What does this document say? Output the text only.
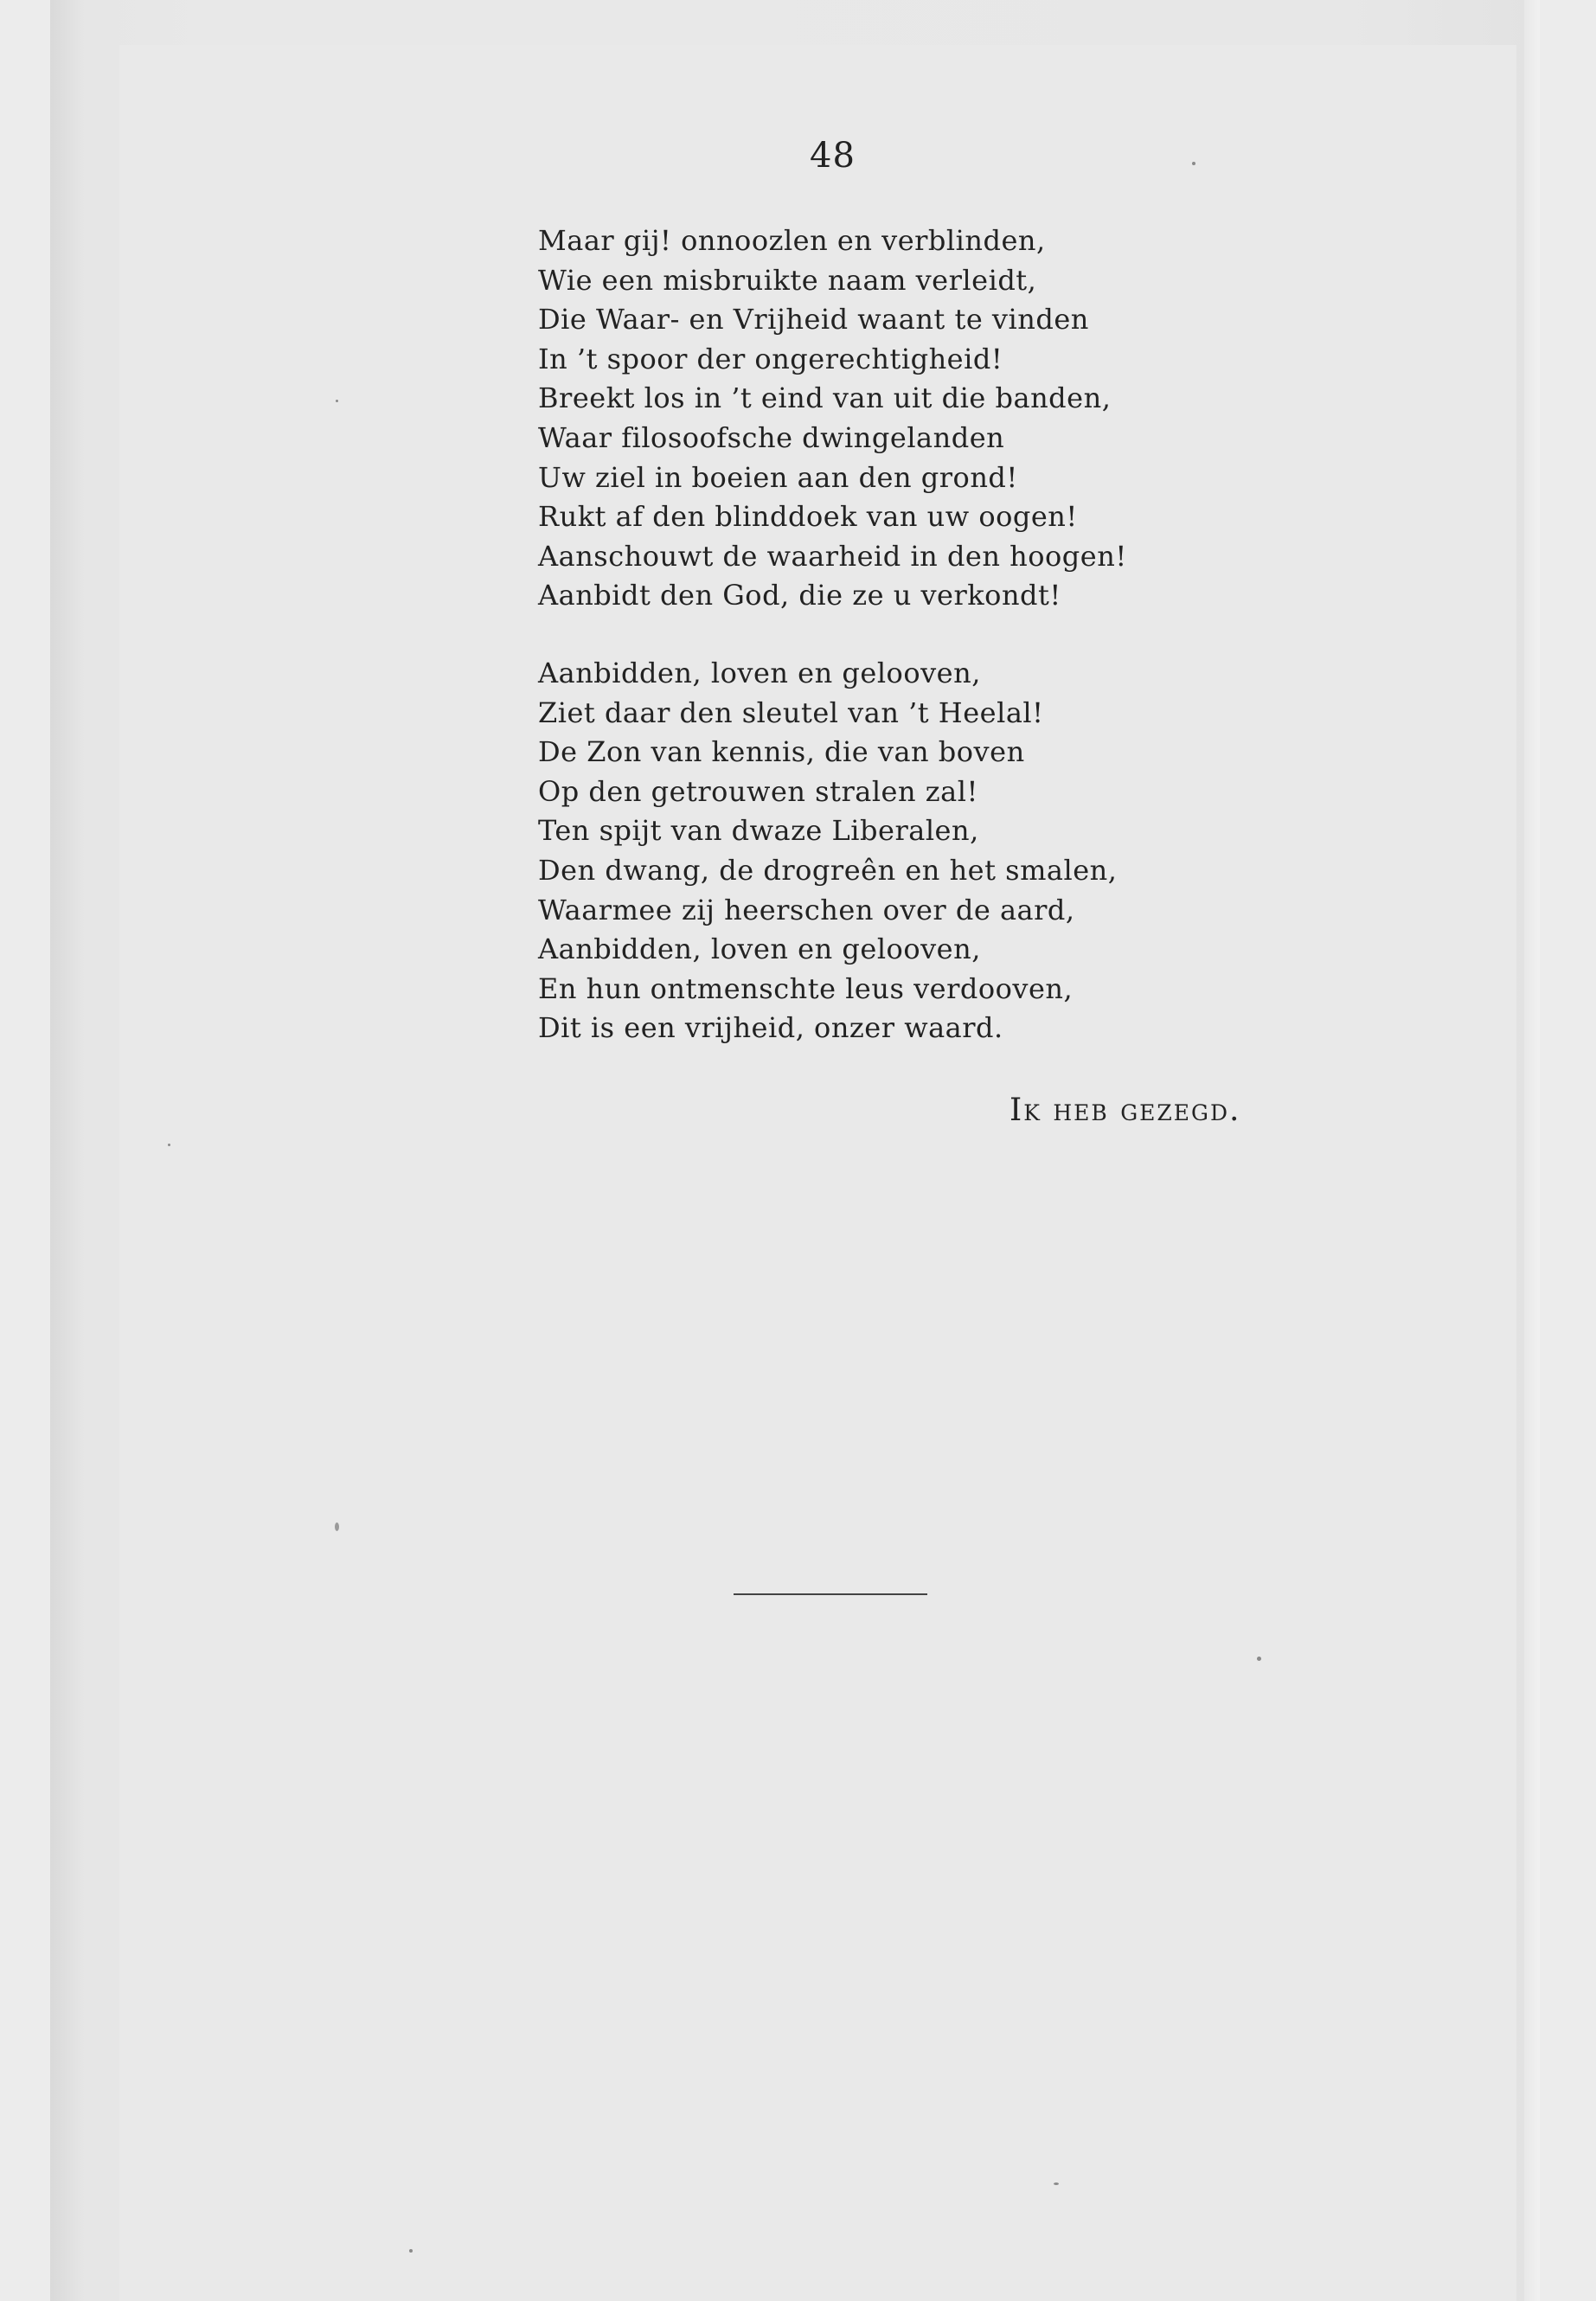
48
Maar gij! onnoozlen en verblinden,
Wie een misbruikte naam verleidt,
Die Waar- en Vrijheid waant te vinden
In ’t spoor der ongerechtigheid!
Breekt los in ’t eind van uit die banden,
Waar filosoofsche dwingelanden
Uw ziel in boeien aan den grond!
Rukt af den blinddoek van uw oogen!
Aanschouwt de waarheid in den hoogen!
Aanbidt den God, die ze u verkondt!
Aanbidden, loven en gelooven,
Ziet daar den sleutel van ’t Heelal!
De Zon van kennis, die van boven
Op den getrouwen stralen zal!
Ten spijt van dwaze Liberalen,
Den dwang, de drogreên en het smalen,
Waarmee zij heerschen over de aard,
Aanbidden, loven en gelooven,
En hun ontmenschte leus verdooven,
Dit is een vrijheid, onzer waard.
Ik heb gezegd.
